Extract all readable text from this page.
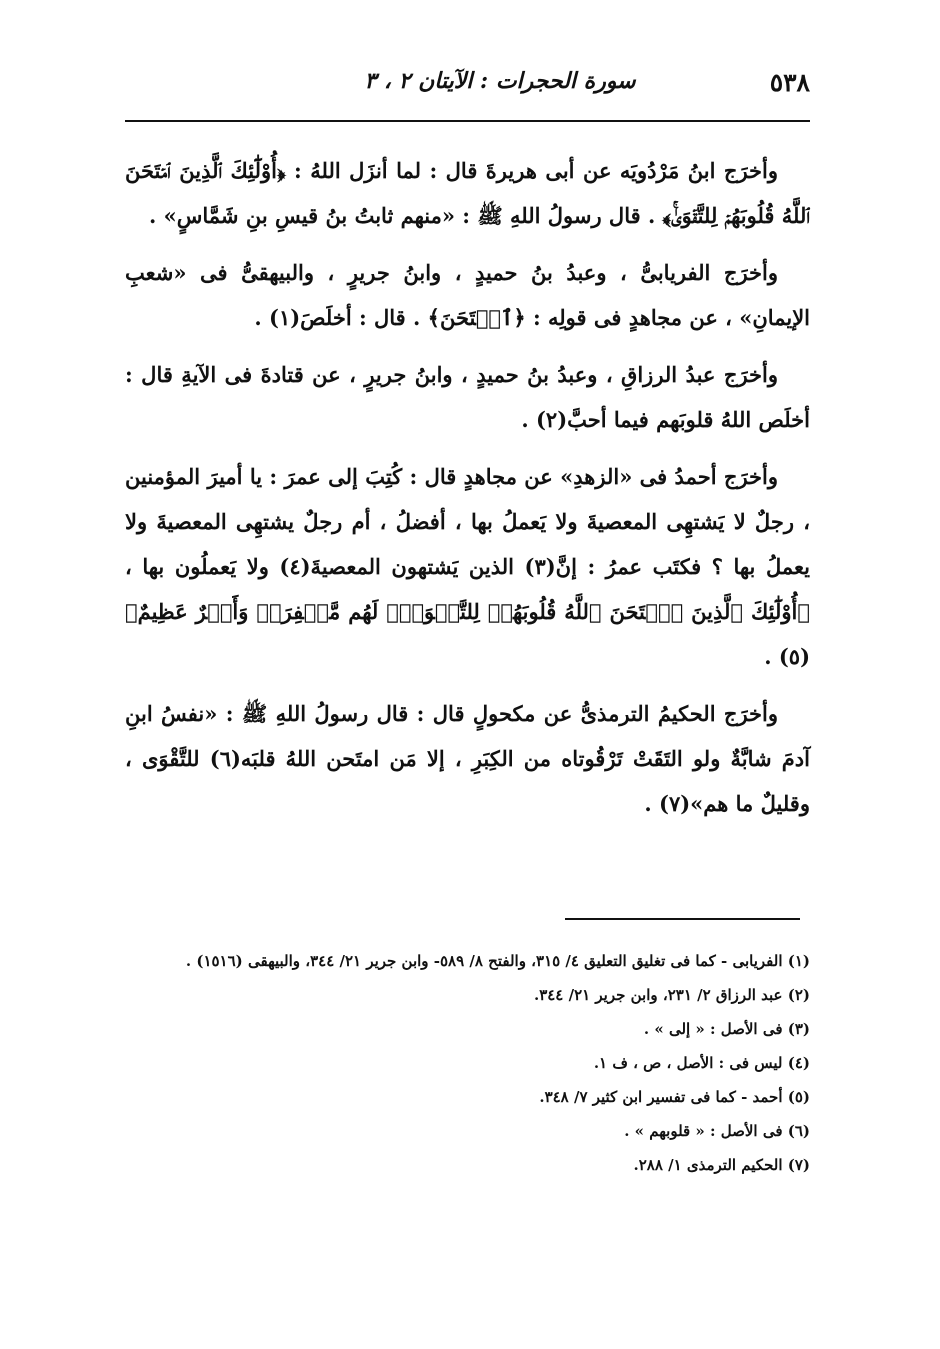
٥٣٨
سورة الحجرات : الآيتان ٢ ، ٣

وأخرَج ابنُ مَرْدُويَه عن أبى هريرةَ قال : لما أنزَل اللهُ : ﴿أُوْلَٰٓئِكَ ٱلَّذِينَ ٱمۡتَحَنَ ٱللَّهُ قُلُوبَهُمۡ لِلتَّقۡوَىٰۚ﴾ . قال رسولُ اللهِ ﷺ : «منهم ثابتُ بنُ قيسِ بنِ شَمَّاسٍ» .

وأخرَج الفريابىُّ ، وعبدُ بنُ حميدٍ ، وابنُ جريرٍ ، والبيهقىُّ فى «شعبِ الإيمانِ» ، عن مجاهدٍ فى قولِه : ﴿ٱمۡتَحَنَ﴾ . قال : أخلَصَ(١) .

وأخرَج عبدُ الرزاقِ ، وعبدُ بنُ حميدٍ ، وابنُ جريرٍ ، عن قتادةَ فى الآيةِ قال : أخلَص اللهُ قلوبَهم فيما أحبَّ(٢) .

وأخرَج أحمدُ فى «الزهدِ» عن مجاهدٍ قال : كُتِبَ إلى عمرَ : يا أميرَ المؤمنين ، رجلٌ لا يَشتهِى المعصيةَ ولا يَعملُ بها ، أفضلُ ، أم رجلٌ يشتهِى المعصيةَ ولا يعملُ بها ؟ فكتَب عمرُ : إنَّ(٣) الذين يَشتهون المعصيةَ(٤) ولا يَعملُون بها ، ﴿أُوْلَٰٓئِكَ ٱلَّذِينَ ٱمۡتَحَنَ ٱللَّهُ قُلُوبَهُمۡ لِلتَّقۡوَىٰۚ لَهُم مَّغۡفِرَةٞ وَأَجۡرٌ عَظِيمٌ﴾(٥) .

وأخرَج الحكيمُ الترمذىُّ عن مكحولٍ قال : قال رسولُ اللهِ ﷺ : «نفسُ ابنِ آدمَ شابَّةٌ ولو التَقَتْ تَرْقُوتاه من الكِبَرِ ، إلا مَن امتَحن اللهُ قلبَه(٦) للتَّقْوَى ، وقليلٌ ما هم»(٧) .

(١) الفريابى - كما فى تغليق التعليق ٤/ ٣١٥، والفتح ٨/ ٥٨٩- وابن جرير ٢١/ ٣٤٤، والبيهقى (١٥١٦) .

(٢) عبد الرزاق ٢/ ٢٣١، وابن جرير ٢١/ ٣٤٤.

(٣) فى الأصل : « إلى » .

(٤) ليس فى : الأصل ، ص ، ف ١.

(٥) أحمد - كما فى تفسير ابن كثير ٧/ ٣٤٨.

(٦) فى الأصل : « قلوبهم » .

(٧) الحكيم الترمذى ١/ ٢٨٨.
